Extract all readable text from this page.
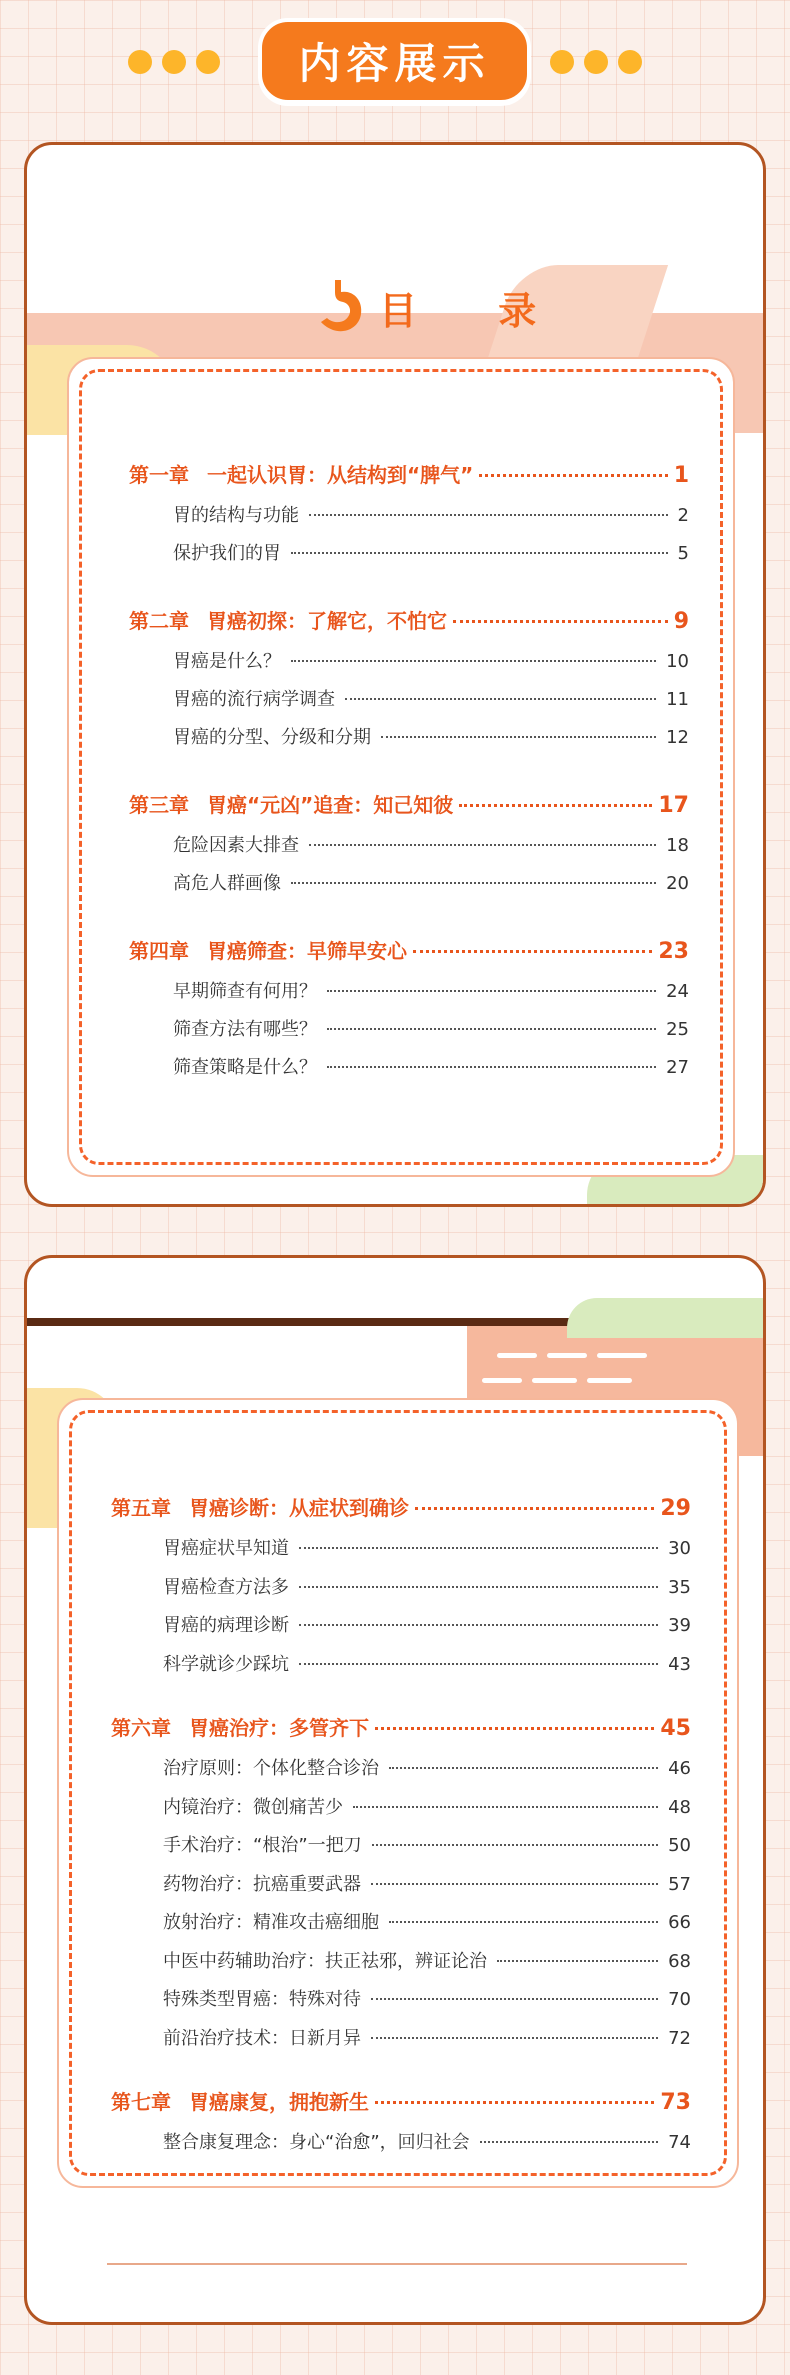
内容展示
目 录
第一章 一起认识胃：从结构到“脾气”	1
胃的结构与功能	2
保护我们的胃	5
第二章 胃癌初探：了解它，不怕它	9
胃癌是什么？	10
胃癌的流行病学调查	11
胃癌的分型、分级和分期	12
第三章 胃癌“元凶”追查：知己知彼	17
危险因素大排查	18
高危人群画像	20
第四章 胃癌筛查：早筛早安心	23
早期筛查有何用？	24
筛查方法有哪些？	25
筛查策略是什么？	27
第五章 胃癌诊断：从症状到确诊	29
胃癌症状早知道	30
胃癌检查方法多	35
胃癌的病理诊断	39
科学就诊少踩坑	43
第六章 胃癌治疗：多管齐下	45
治疗原则：个体化整合诊治	46
内镜治疗：微创痛苦少	48
手术治疗：“根治”一把刀	50
药物治疗：抗癌重要武器	57
放射治疗：精准攻击癌细胞	66
中医中药辅助治疗：扶正祛邪，辨证论治	68
特殊类型胃癌：特殊对待	70
前沿治疗技术：日新月异	72
第七章 胃癌康复，拥抱新生	73
整合康复理念：身心“治愈”，回归社会	74
